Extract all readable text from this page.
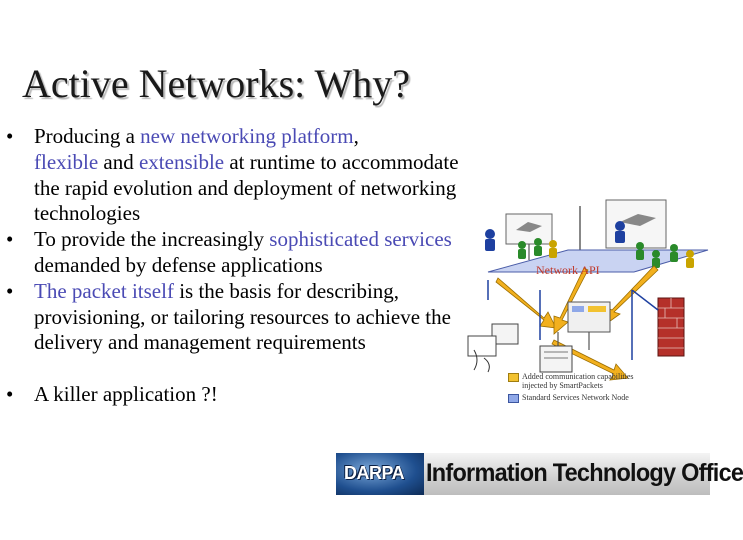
Active Networks: Why?
• Producing a new networking platform,
flexible and extensible at runtime to accommodate the rapid evolution and deployment of networking technologies
• To provide the increasingly sophisticated services demanded by defense applications
• The packet itself is the basis for describing, provisioning, or tailoring resources to achieve the delivery and management requirements
• A killer application ?!
Network API
Added communication capabilities
injected by SmartPackets
Standard Services Network Node
DARPA Information Technology Office
